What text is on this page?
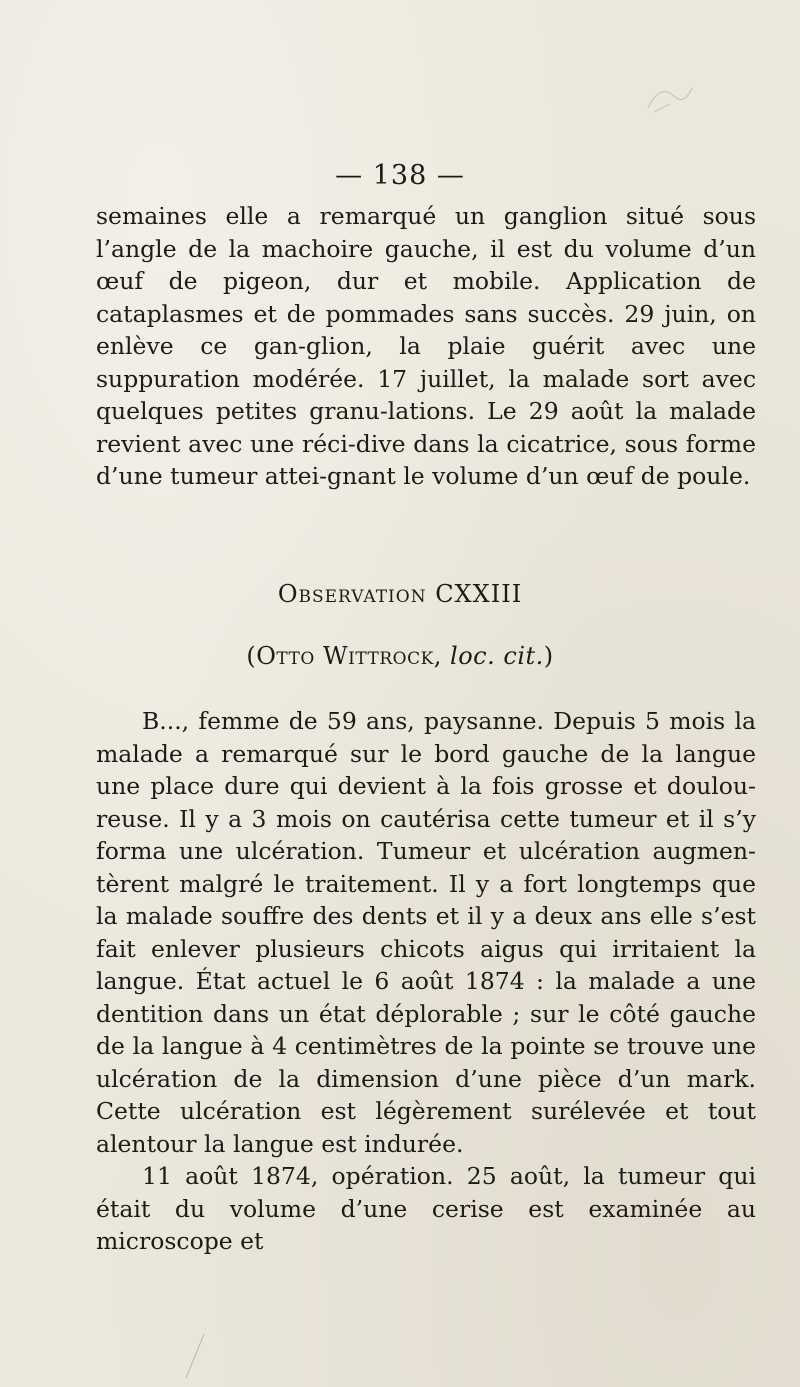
— 138 —

semaines elle a remarqué un ganglion situé sous l’angle de la machoire gauche, il est du volume d’un œuf de pigeon, dur et mobile. Application de cataplasmes et de pommades sans succès. 29 juin, on enlève ce gan-glion, la plaie guérit avec une suppuration modérée. 17 juillet, la malade sort avec quelques petites granu-lations. Le 29 août la malade revient avec une réci-dive dans la cicatrice, sous forme d’une tumeur attei-gnant le volume d’un œuf de poule.

Observation CXXIII
(Otto Wittrock, loc. cit.)

B..., femme de 59 ans, paysanne. Depuis 5 mois la malade a remarqué sur le bord gauche de la langue une place dure qui devient à la fois grosse et doulou-reuse. Il y a 3 mois on cautérisa cette tumeur et il s’y forma une ulcération. Tumeur et ulcération augmen-tèrent malgré le traitement. Il y a fort longtemps que la malade souffre des dents et il y a deux ans elle s’est fait enlever plusieurs chicots aigus qui irritaient la langue. État actuel le 6 août 1874 : la malade a une dentition dans un état déplorable ; sur le côté gauche de la langue à 4 centimètres de la pointe se trouve une ulcération de la dimension d’une pièce d’un mark. Cette ulcération est légèrement surélevée et tout alentour la langue est indurée.

11 août 1874, opération. 25 août, la tumeur qui était du volume d’une cerise est examinée au microscope et
